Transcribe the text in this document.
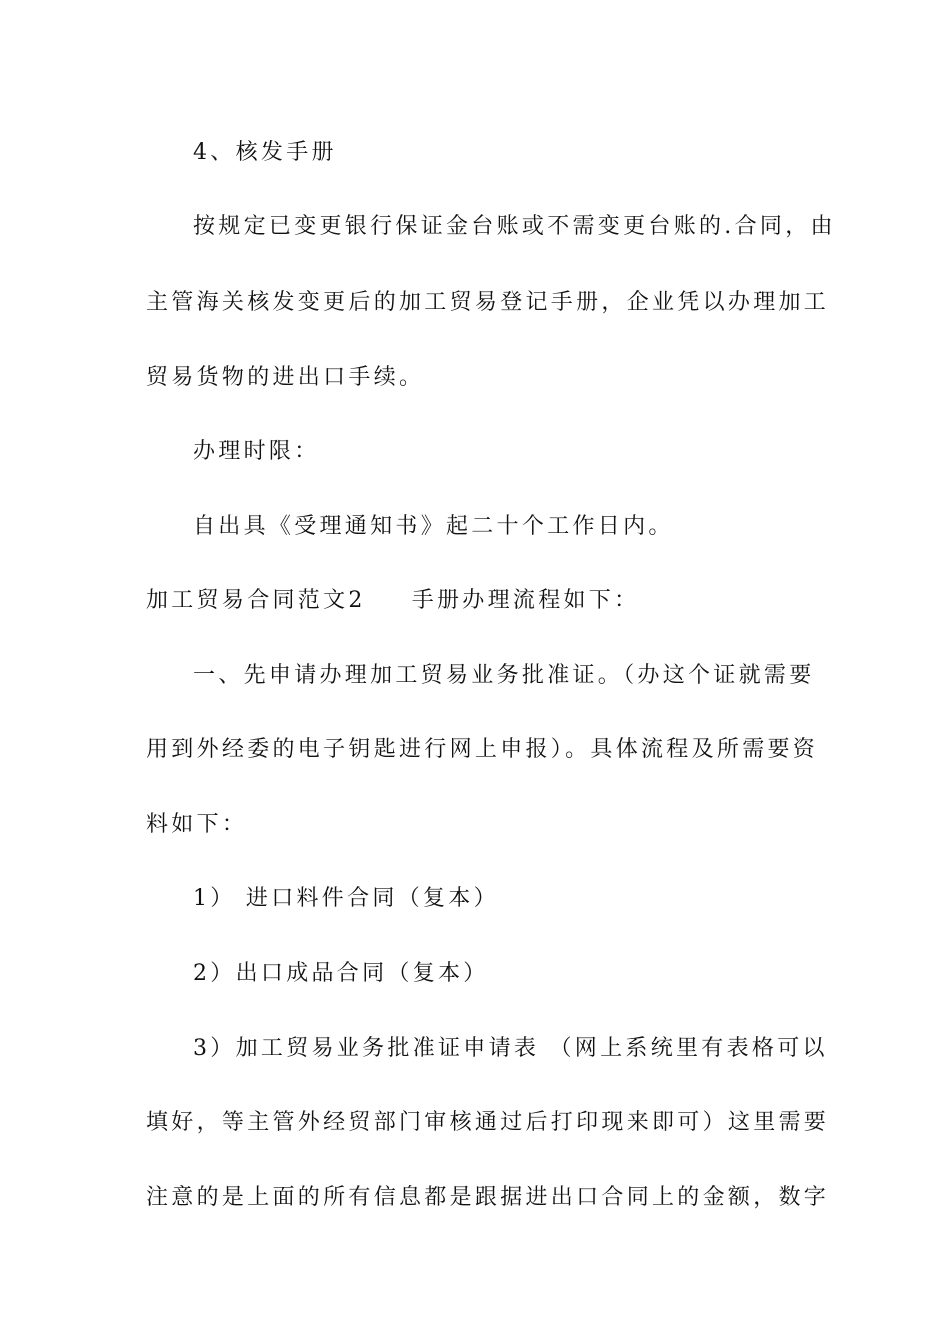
4、核发手册
按规定已变更银行保证金台账或不需变更台账的.合同，由
主管海关核发变更后的加工贸易登记手册，企业凭以办理加工
贸易货物的进出口手续。
办理时限：
自出具《受理通知书》起二十个工作日内。
加工贸易合同范文2 手册办理流程如下：
一、先申请办理加工贸易业务批准证。（办这个证就需要
用到外经委的电子钥匙进行网上申报）。具体流程及所需要资
料如下：
1） 进口料件合同（复本）
2）出口成品合同（复本）
3）加工贸易业务批准证申请表 （网上系统里有表格可以
填好，等主管外经贸部门审核通过后打印现来即可）这里需要
注意的是上面的所有信息都是跟据进出口合同上的金额，数字
